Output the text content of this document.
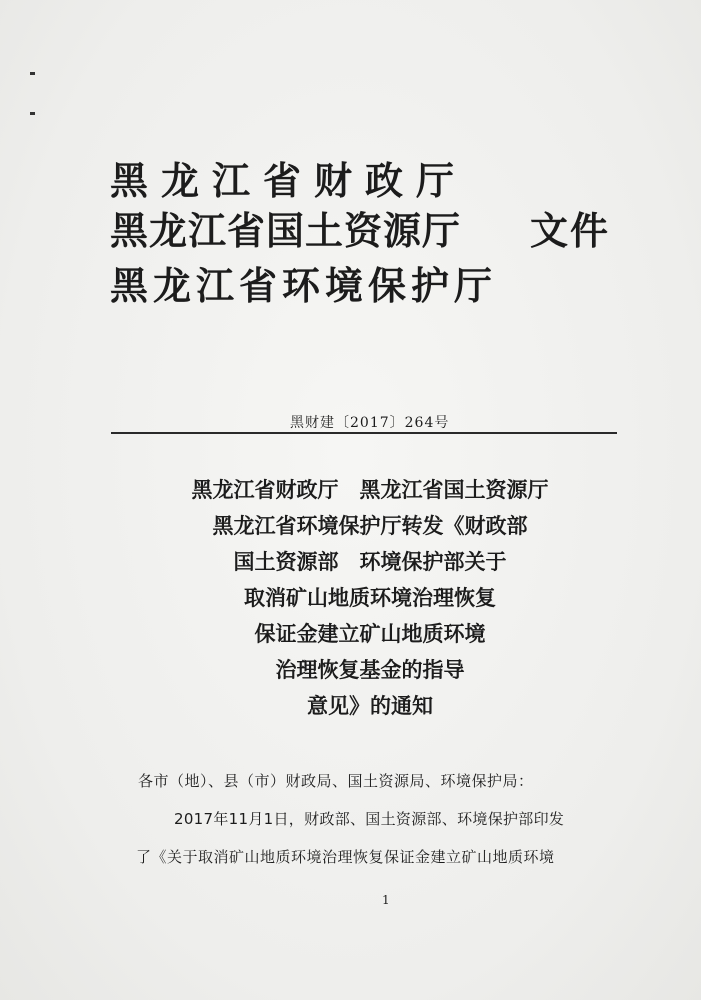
黑龙江省财政厅
黑龙江省国土资源厅
黑龙江省环境保护厅
文件
黑财建〔2017〕264号
黑龙江省财政厅　黑龙江省国土资源厅
黑龙江省环境保护厅转发《财政部
国土资源部　环境保护部关于
取消矿山地质环境治理恢复
保证金建立矿山地质环境
治理恢复基金的指导
意见》的通知
各市（地）、县（市）财政局、国土资源局、环境保护局：
2017年11月1日，财政部、国土资源部、环境保护部印发
了《关于取消矿山地质环境治理恢复保证金建立矿山地质环境
1
